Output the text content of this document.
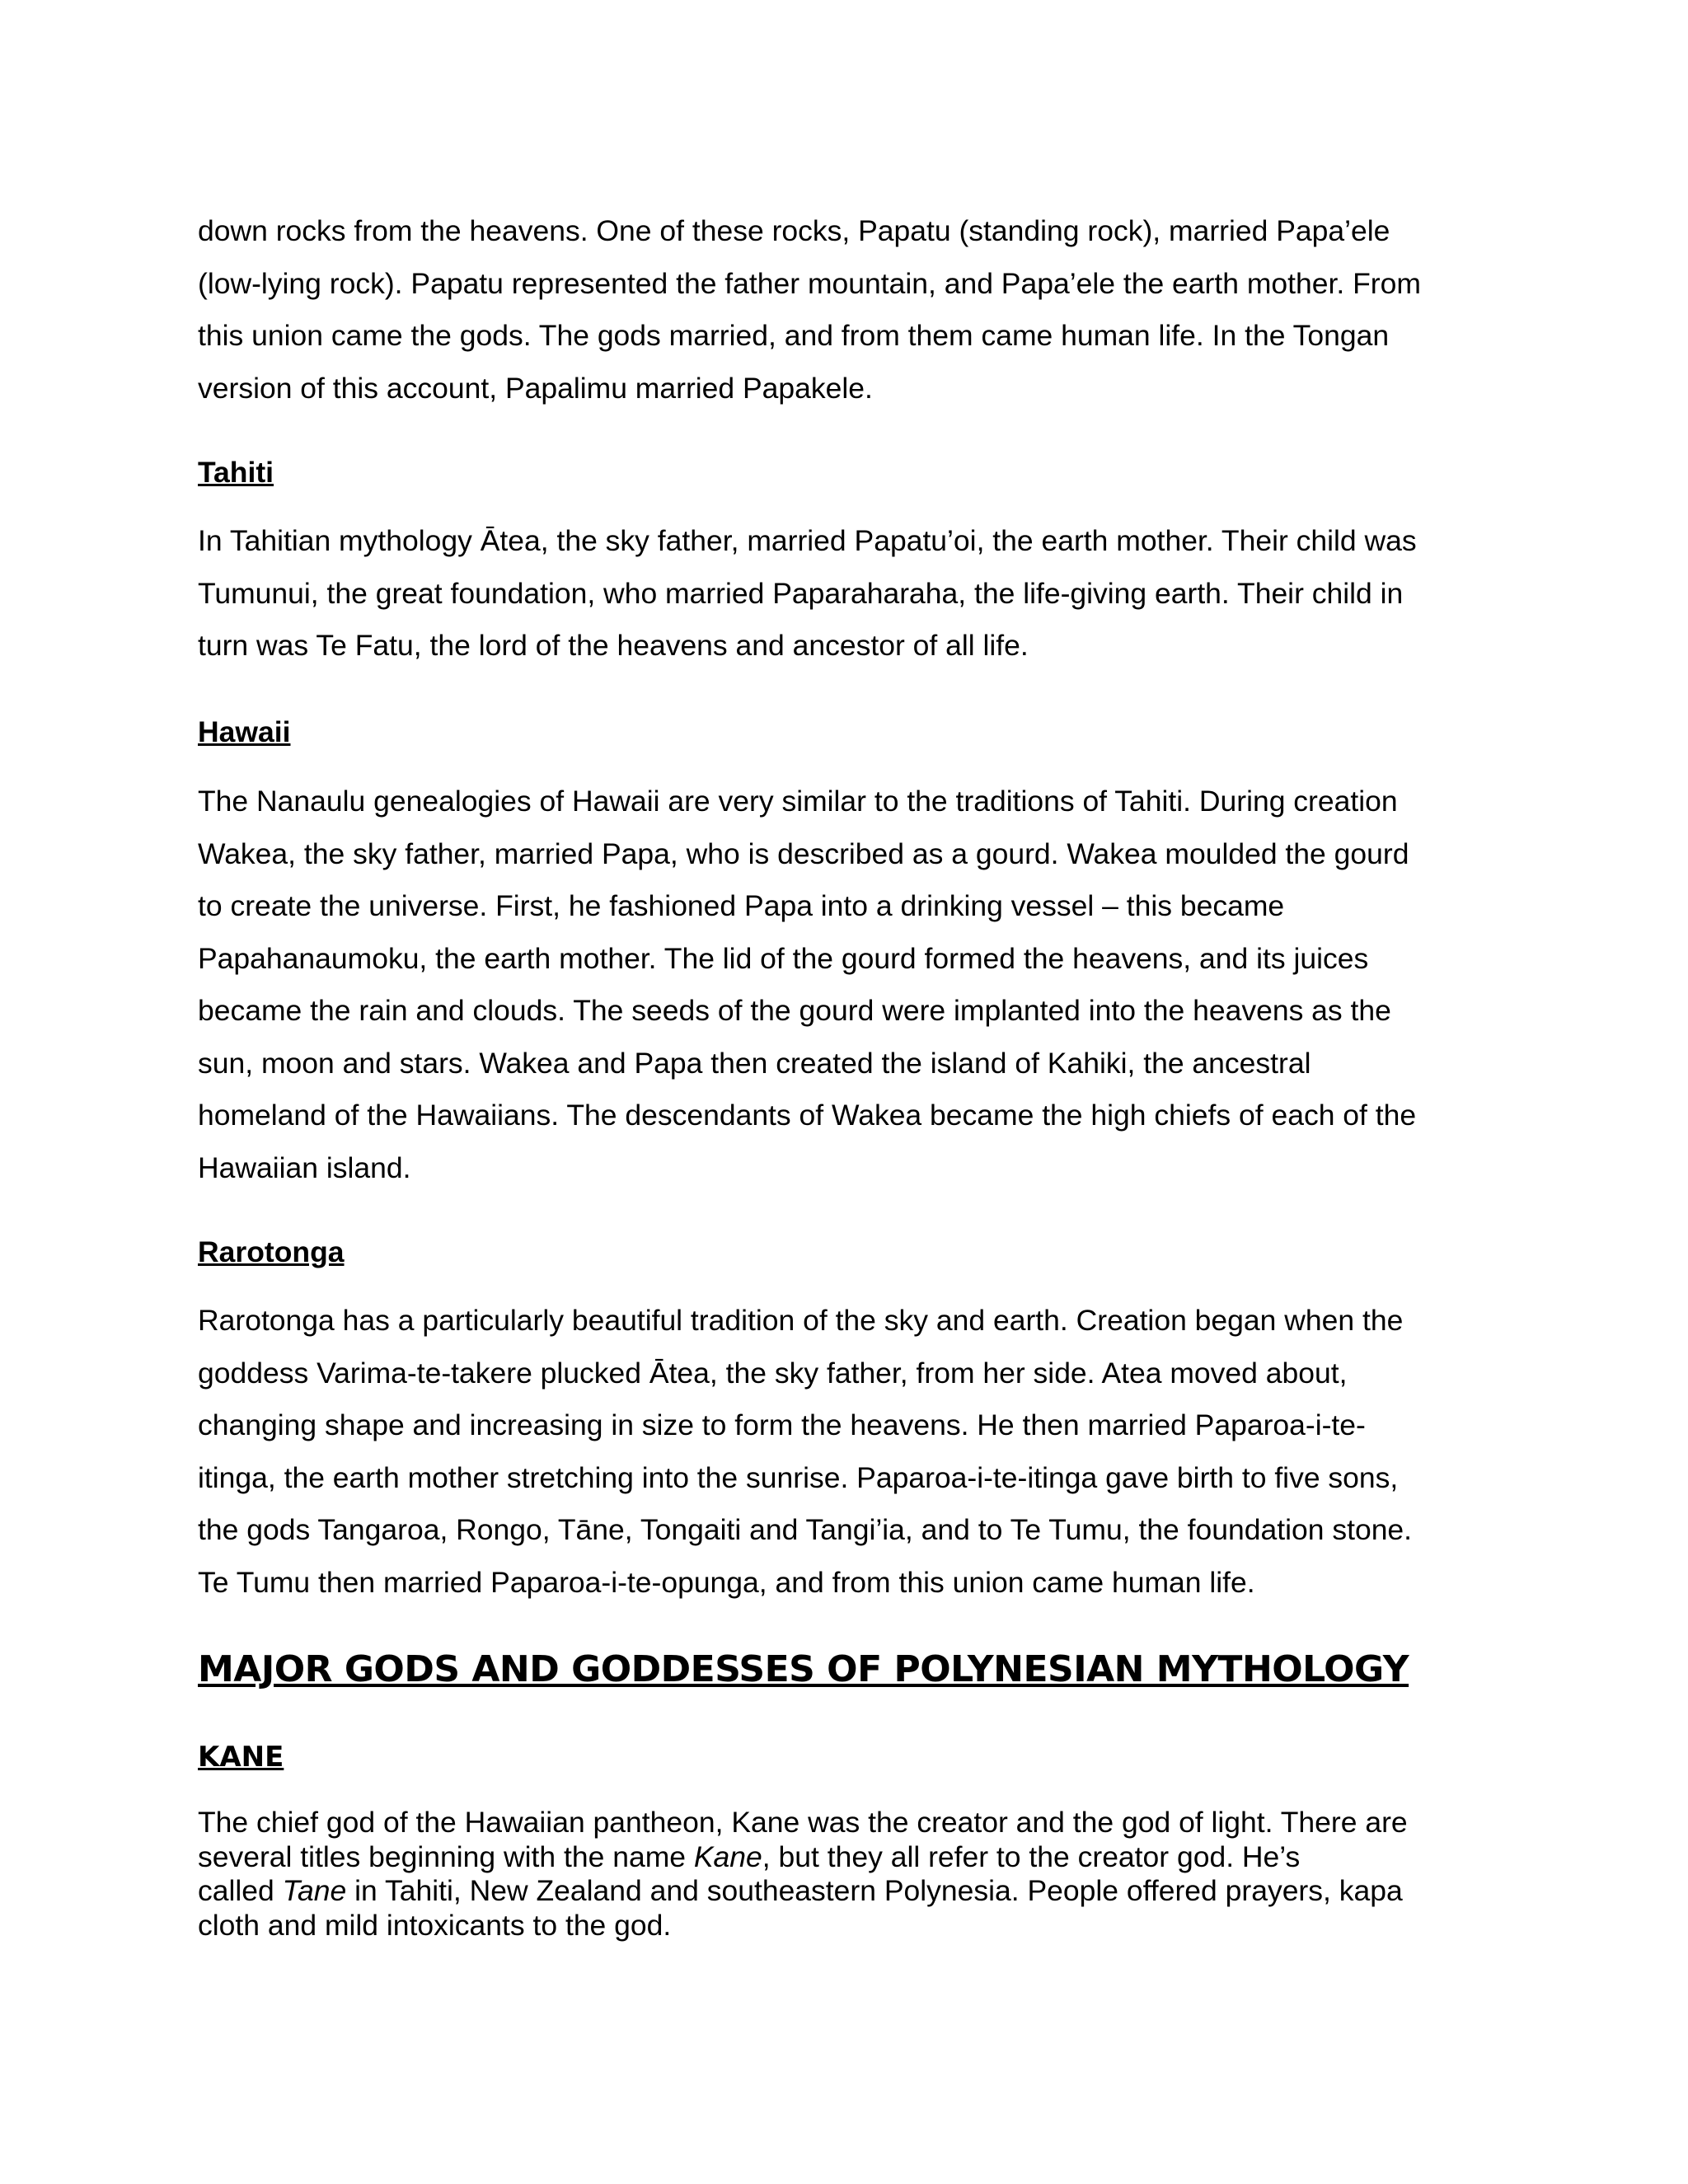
down rocks from the heavens. One of these rocks, Papatu (standing rock), married Papa’ele
(low-lying rock). Papatu represented the father mountain, and Papa’ele the earth mother. From
this union came the gods. The gods married, and from them came human life. In the Tongan
version of this account, Papalimu married Papakele.
Tahiti
In Tahitian mythology Ātea, the sky father, married Papatu’oi, the earth mother. Their child was
Tumunui, the great foundation, who married Paparaharaha, the life-giving earth. Their child in
turn was Te Fatu, the lord of the heavens and ancestor of all life.
Hawaii
The Nanaulu genealogies of Hawaii are very similar to the traditions of Tahiti. During creation
Wakea, the sky father, married Papa, who is described as a gourd. Wakea moulded the gourd
to create the universe. First, he fashioned Papa into a drinking vessel – this became
Papahanaumoku, the earth mother. The lid of the gourd formed the heavens, and its juices
became the rain and clouds. The seeds of the gourd were implanted into the heavens as the
sun, moon and stars. Wakea and Papa then created the island of Kahiki, the ancestral
homeland of the Hawaiians. The descendants of Wakea became the high chiefs of each of the
Hawaiian island.
Rarotonga
Rarotonga has a particularly beautiful tradition of the sky and earth. Creation began when the
goddess Varima-te-takere plucked Ātea, the sky father, from her side. Atea moved about,
changing shape and increasing in size to form the heavens. He then married Paparoa-i-te-
itinga, the earth mother stretching into the sunrise. Paparoa-i-te-itinga gave birth to five sons,
the gods Tangaroa, Rongo, Tāne, Tongaiti and Tangi’ia, and to Te Tumu, the foundation stone.
Te Tumu then married Paparoa-i-te-opunga, and from this union came human life.
MAJOR GODS AND GODDESSES OF POLYNESIAN MYTHOLOGY
KANE
The chief god of the Hawaiian pantheon, Kane was the creator and the god of light. There are
several titles beginning with the name Kane, but they all refer to the creator god. He’s
called Tane in Tahiti, New Zealand and southeastern Polynesia. People offered prayers, kapa
cloth and mild intoxicants to the god.
